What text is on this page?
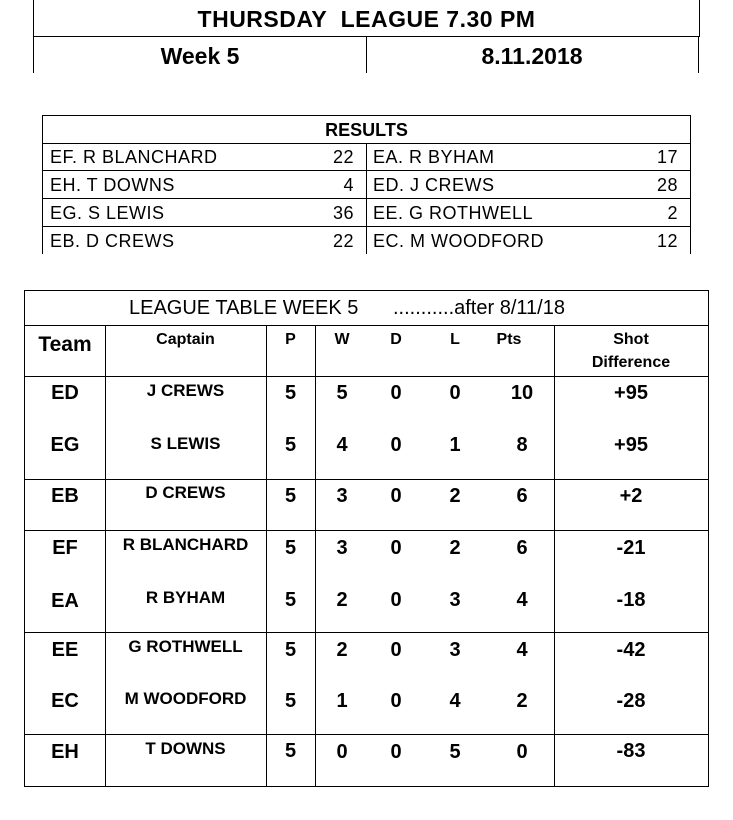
THURSDAY  LEAGUE 7.30 PM
Week 5	8.11.2018
RESULTS
EF. R BLANCHARD	22 EA. R BYHAM	17
EH. T DOWNS	4 ED. J CREWS	28
EG. S LEWIS	36 EE. G ROTHWELL	2
EB. D CREWS	22 EC. M WOODFORD	12
LEAGUE TABLE WEEK 5 ...........after 8/11/18
Team	Captain	P	W	D	L	Pts	Shot
Difference
ED	J CREWS	5	5	0	0	10	+95
EG	S LEWIS	5	4	0	1	8	+95
EB	D CREWS	5	3	0	2	6	+2
EF	R BLANCHARD	5	3	0	2	6	-21
EA	R BYHAM	5	2	0	3	4	-18
EE	G ROTHWELL	5	2	0	3	4	-42
EC	M WOODFORD	5	1	0	4	2	-28
EH	T DOWNS	5	0	0	5	0	-83
